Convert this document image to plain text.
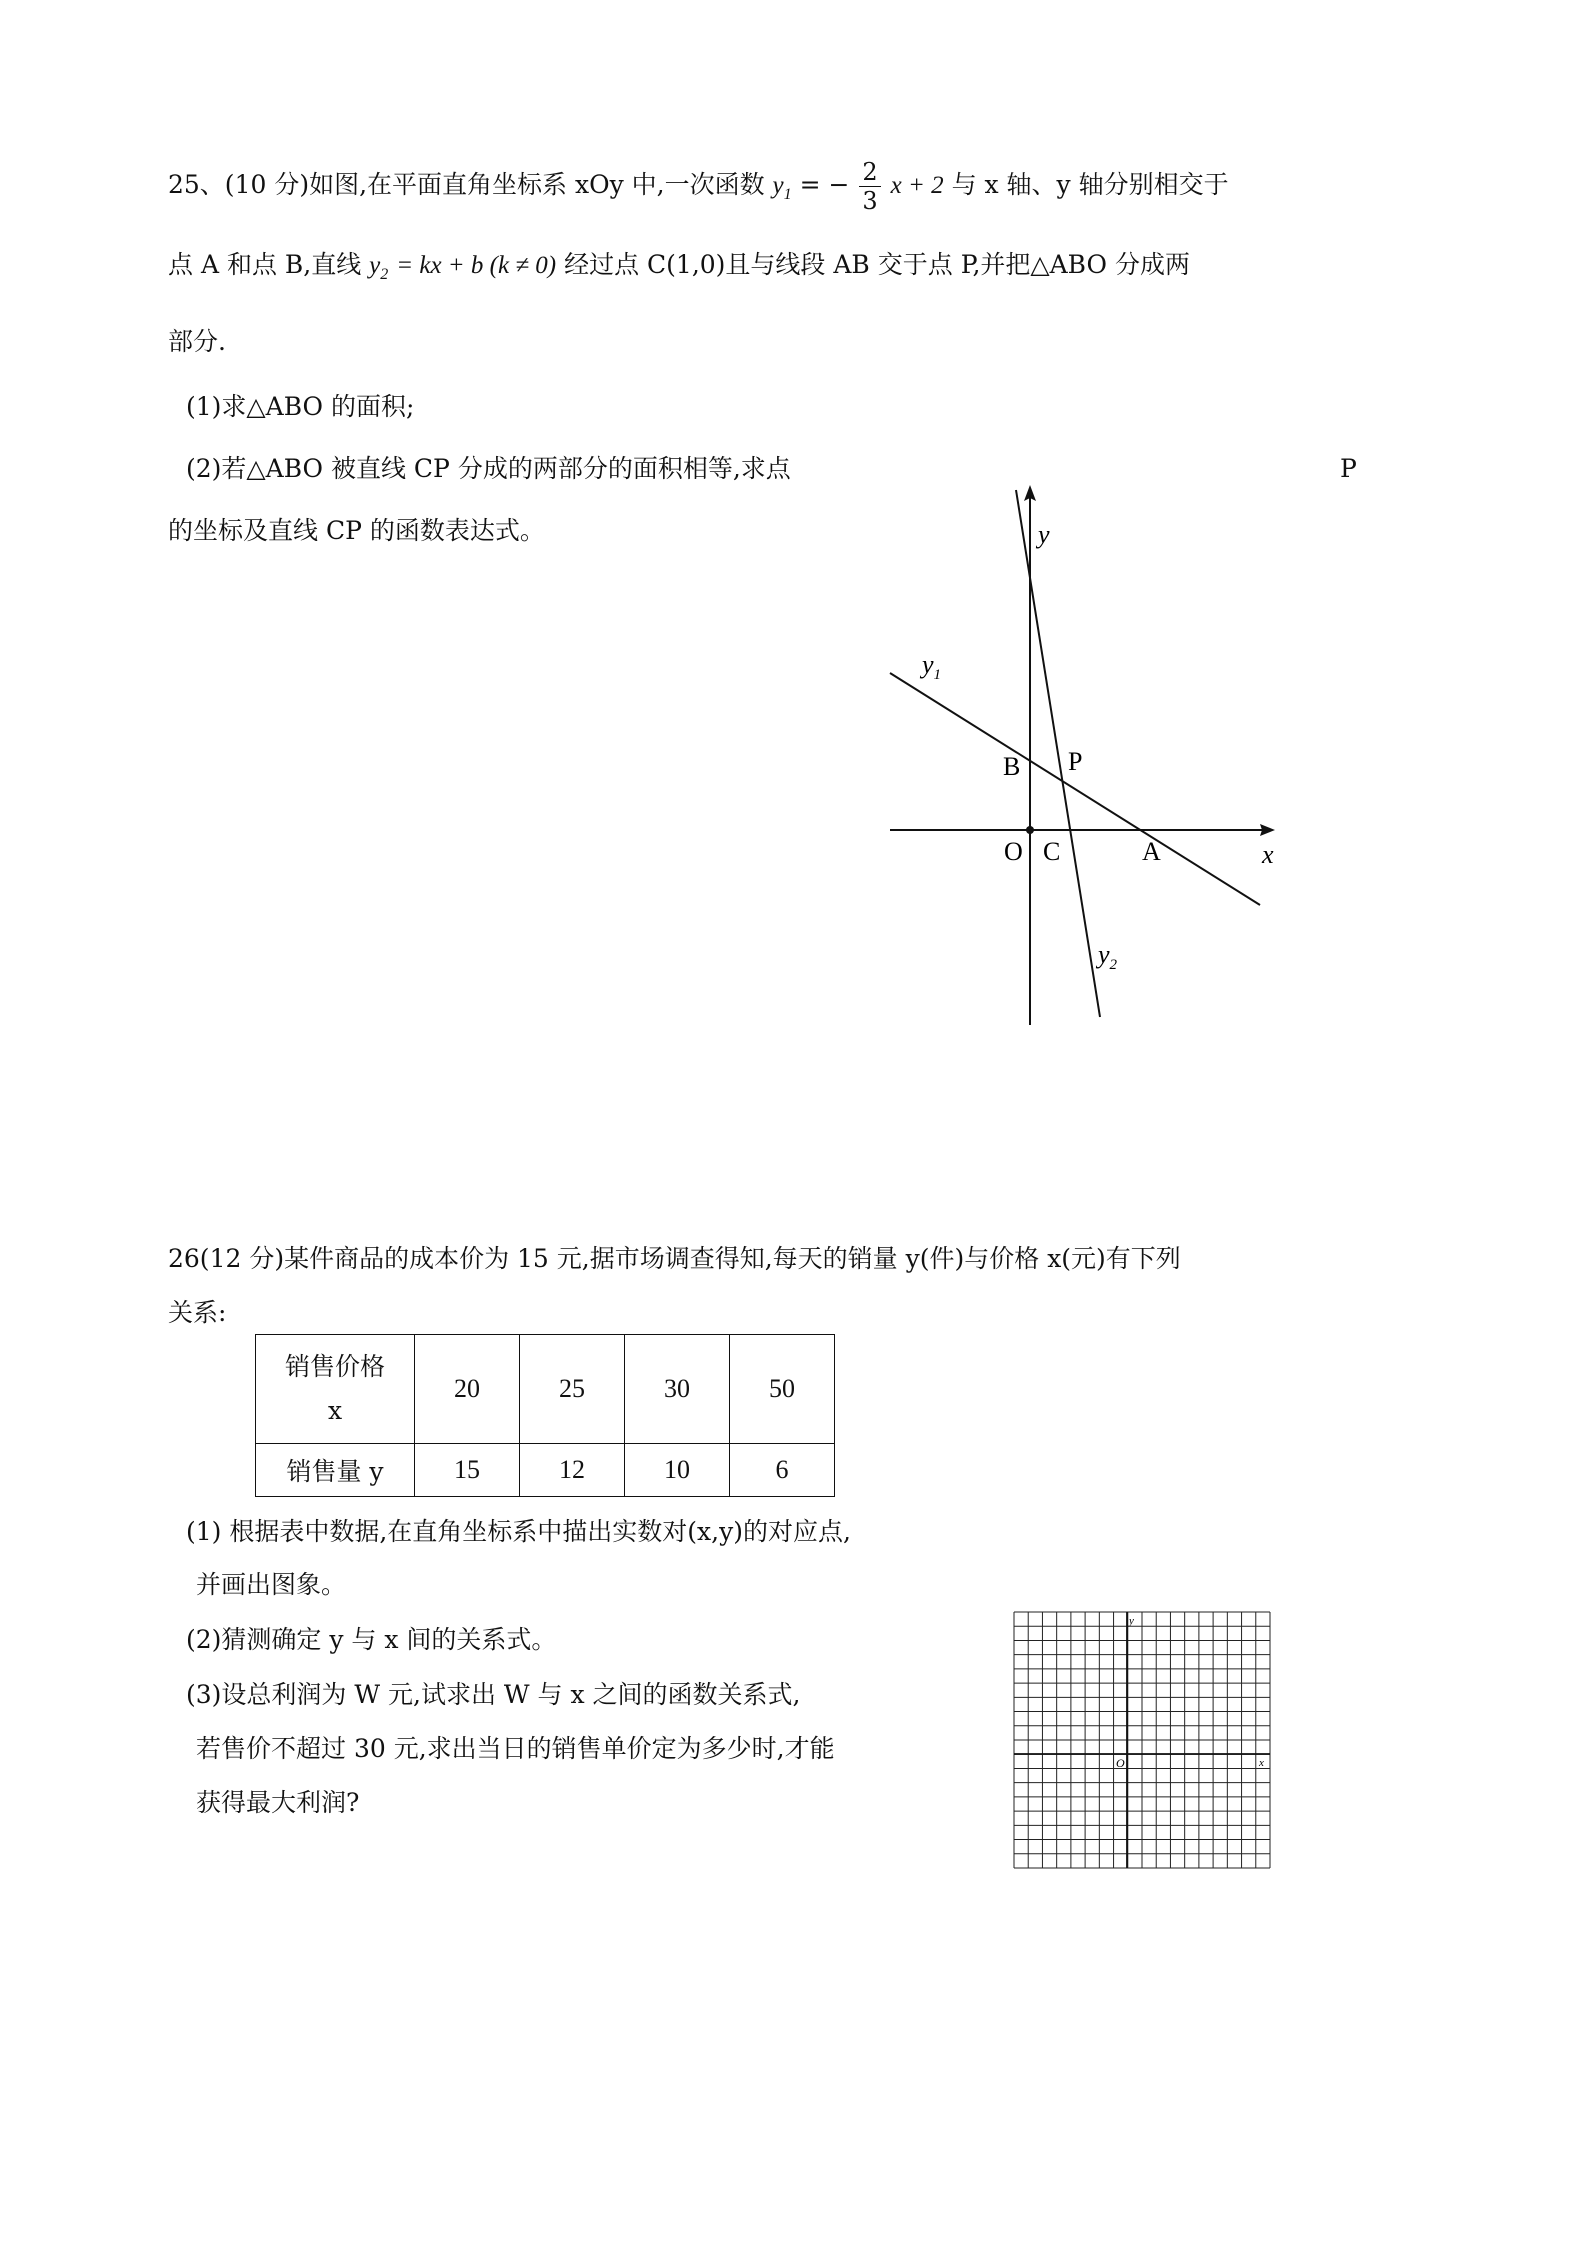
25、(10 分)如图,在平面直角坐标系 xOy 中,一次函数 $y_1$ = − $\frac{2}{3}$ x + 2 与 x 轴、y 轴分别相交于
点 A 和点 B,直线 $y_2$ = kx + b (k ≠ 0) 经过点 C(1,0)且与线段 AB 交于点 P,并把△ABO 分成两
部分.
(1)求△ABO 的面积;
(2)若△ABO 被直线 CP 分成的两部分的面积相等,求点	P
的坐标及直线 CP 的函数表达式。	y
x
$y_1$
$y_2$
B P
O C	A
26(12 分)某件商品的成本价为 15 元,据市场调查得知,每天的销量 y(件)与价格 x(元)有下列
关系:
销售价格
x	20	25	30	50
销售量 y	15	12	10	6
(1) 根据表中数据,在直角坐标系中描出实数对(x,y)的对应点,
并画出图象。
(2)猜测确定 y 与 x 间的关系式。
(3)设总利润为 W 元,试求出 W 与 x 之间的函数关系式,
若售价不超过 30 元,求出当日的销售单价定为多少时,才能
获得最大利润?
y
x
O
